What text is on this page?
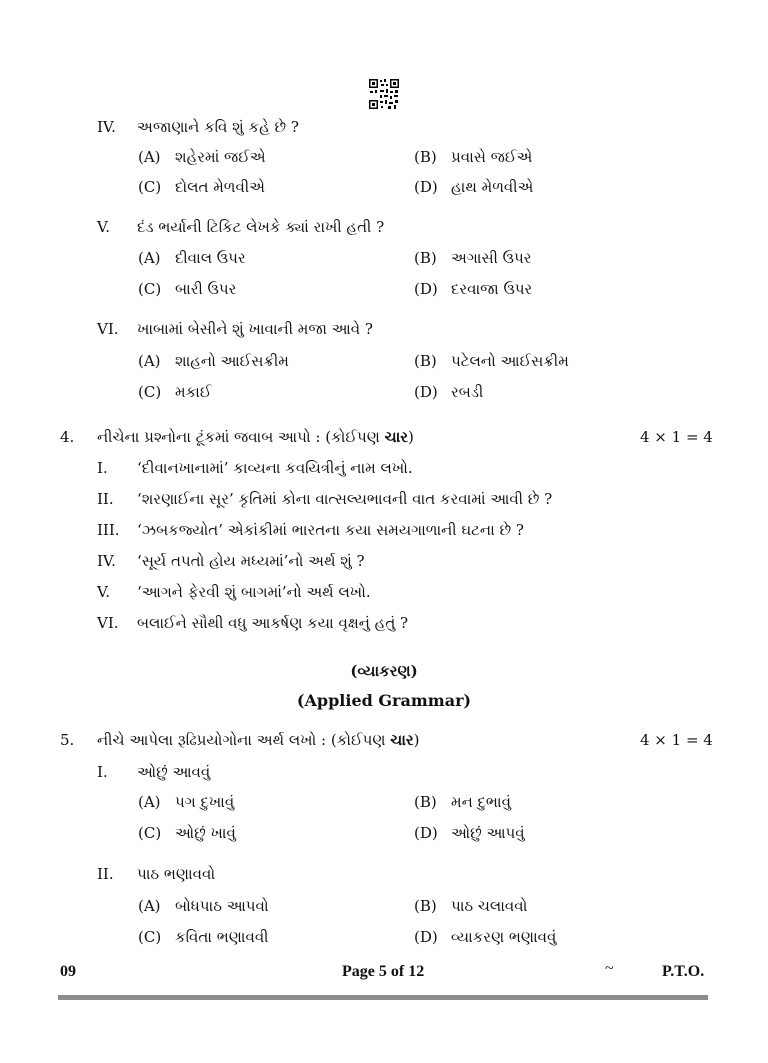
IV. અજાણાને કવિ શું કહે છે ?
(A) શહેરમાં જઈએ	(B) પ્રવાસે જઈએ
(C) દોલત મેળવીએ	(D) હાથ મેળવીએ
V. દંડ ભર્યાની ટિકિટ લેખકે ક્યાં રાખી હતી ?
(A) દીવાલ ઉપર	(B) અગાસી ઉપર
(C) બારી ઉપર	(D) દરવાજા ઉપર
VI. ખાબામાં બેસીને શું ખાવાની મજા આવે ?
(A) શાહનો આઈસક્રીમ	(B) પટેલનો આઈસક્રીમ
(C) મકાઈ	(D) રબડી
4. નીચેના પ્રશ્નોના ટૂંકમાં જવાબ આપો : (કોઈપણ ચાર)	4 × 1 = 4
I. ‘દીવાનખાનામાં’ કાવ્યના કવયિત્રીનું નામ લખો.
II. ‘શરણાઈના સૂર’ કૃતિમાં કોના વાત્સલ્યભાવની વાત કરવામાં આવી છે ?
III. ‘ઝબકજ્યોત’ એકાંકીમાં ભારતના કયા સમયગાળાની ઘટના છે ?
IV. ‘સૂર્ય તપતો હોય મધ્યમાં’નો અર્થ શું ?
V. ‘આગને ફેરવી શું બાગમાં’નો અર્થ લખો.
VI. બલાઈને સૌથી વધુ આકર્ષણ કયા વૃક્ષનું હતું ?
(વ્યાકરણ)
(Applied Grammar)
5. નીચે આપેલા રૂઢિપ્રયોગોના અર્થ લખો : (કોઈપણ ચાર)	4 × 1 = 4
I. ઓછું આવવું
(A) પગ દુખાવું	(B) મન દુભાવું
(C) ઓછું ખાવું	(D) ઓછું આપવું
II. પાઠ ભણાવવો
(A) બોધપાઠ આપવો	(B) પાઠ ચલાવવો
(C) કવિતા ભણાવવી	(D) વ્યાકરણ ભણાવવું
09	Page 5 of 12	~	P.T.O.
